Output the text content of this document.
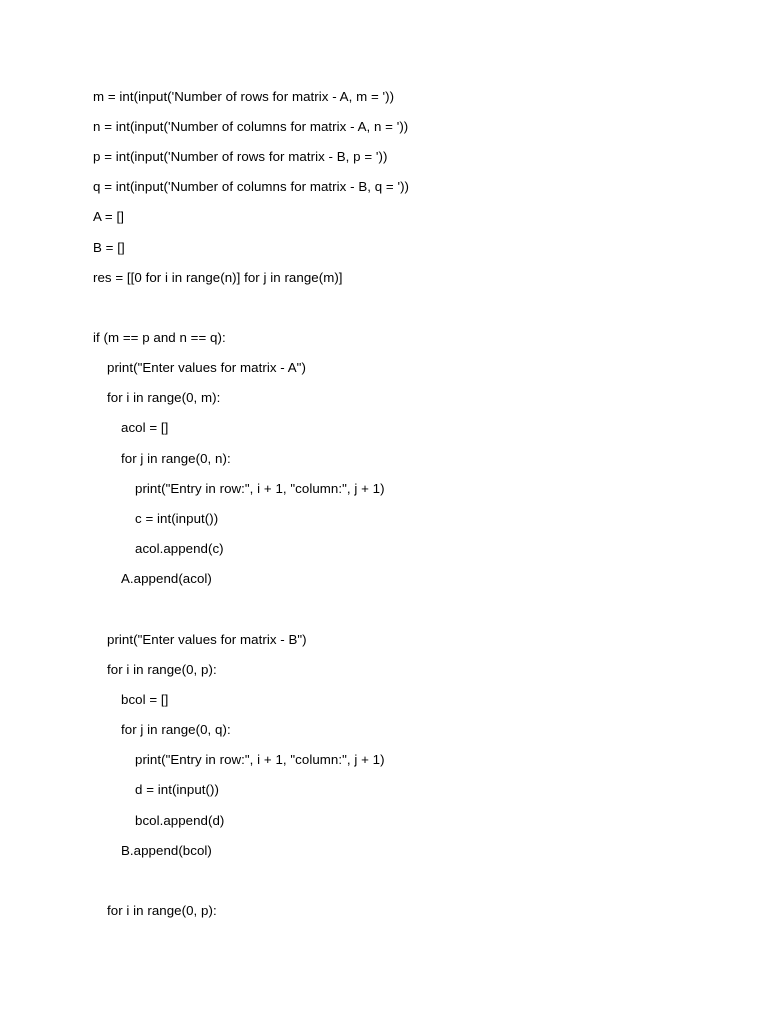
m = int(input('Number of rows for matrix - A, m = '))
n = int(input('Number of columns for matrix - A, n = '))
p = int(input('Number of rows for matrix - B, p = '))
q = int(input('Number of columns for matrix - B, q = '))
A = []
B = []
res = [[0 for i in range(n)] for j in range(m)]
if (m == p and n == q):
print("Enter values for matrix - A")
for i in range(0, m):
acol = []
for j in range(0, n):
print("Entry in row:", i + 1, "column:", j + 1)
c = int(input())
acol.append(c)
A.append(acol)
print("Enter values for matrix - B")
for i in range(0, p):
bcol = []
for j in range(0, q):
print("Entry in row:", i + 1, "column:", j + 1)
d = int(input())
bcol.append(d)
B.append(bcol)
for i in range(0, p):
